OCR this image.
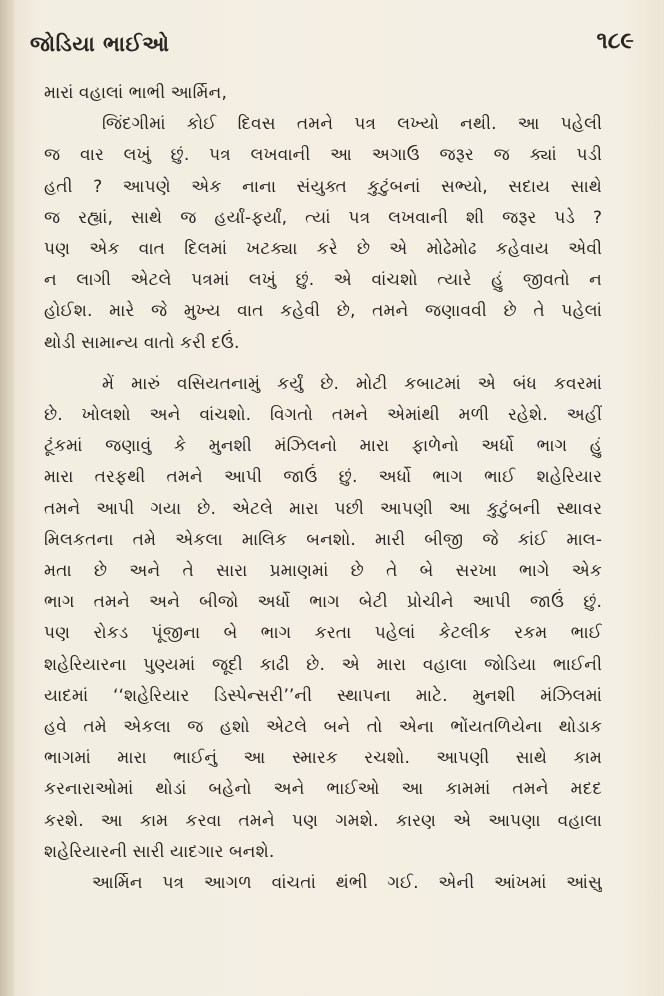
જોડિયા ભાઈઓ	૧૮૯
મારાં વહાલાં ભાભી આર્મિન,
જિંદગીમાં કોઈ દિવસ તમને પત્ર લખ્યો નથી. આ પહેલી
જ વાર લખું છું. પત્ર લખવાની આ અગાઉ જરૂર જ ક્યાં પડી
હતી ? આપણે એક નાના સંયુક્ત કુટુંબનાં સભ્યો, સદાય સાથે
જ રહ્યાં, સાથે જ હર્યાં-ફર્યાં, ત્યાં પત્ર લખવાની શી જરૂર પડે ?
પણ એક વાત દિલમાં ખટક્યા કરે છે એ મોઢેમોઢ કહેવાય એવી
ન લાગી એટલે પત્રમાં લખું છું. એ વાંચશો ત્યારે હું જીવતો ન
હોઈશ. મારે જે મુખ્ય વાત કહેવી છે, તમને જણાવવી છે તે પહેલાં
થોડી સામાન્ય વાતો કરી દઉં.
મેં મારું વસિયતનામું કર્યું છે. મોટી કબાટમાં એ બંધ કવરમાં
છે. ખોલશો અને વાંચશો. વિગતો તમને એમાંથી મળી રહેશે. અહીં
ટૂંકમાં જણાવું કે મુનશી મંઝિલનો મારા ફાળેનો અર્ધો ભાગ હું
મારા તરફથી તમને આપી જાઉં છું. અર્ધો ભાગ ભાઈ શહેરિયાર
તમને આપી ગયા છે. એટલે મારા પછી આપણી આ કુટુંબની સ્થાવર
મિલકતના તમે એકલા માલિક બનશો. મારી બીજી જે કાંઈ માલ-
મતા છે અને તે સારા પ્રમાણમાં છે તે બે સરખા ભાગે એક
ભાગ તમને અને બીજો અર્ધો ભાગ બેટી પ્રોચીને આપી જાઉં છું.
પણ રોકડ પૂંજીના બે ભાગ કરતા પહેલાં કેટલીક રકમ ભાઈ
શહેરિયારના પુણ્યમાં જૂદી કાઢી છે. એ મારા વહાલા જોડિયા ભાઈની
યાદમાં ‘‘શહેરિયાર ડિસ્પેન્સરી’’ની સ્થાપના માટે. મુનશી મંઝિલમાં
હવે તમે એકલા જ હશો એટલે બને તો એના ભોંયતળિયેના થોડાક
ભાગમાં મારા ભાઈનું આ સ્મારક રચશો. આપણી સાથે કામ
કરનારાઓમાં થોડાં બહેનો અને ભાઈઓ આ કામમાં તમને મદદ
કરશે. આ કામ કરવા તમને પણ ગમશે. કારણ એ આપણા વહાલા
શહેરિયારની સારી યાદગાર બનશે.
આર્મિન પત્ર આગળ વાંચતાં થંભી ગઈ. એની આંખમાં આંસુ
